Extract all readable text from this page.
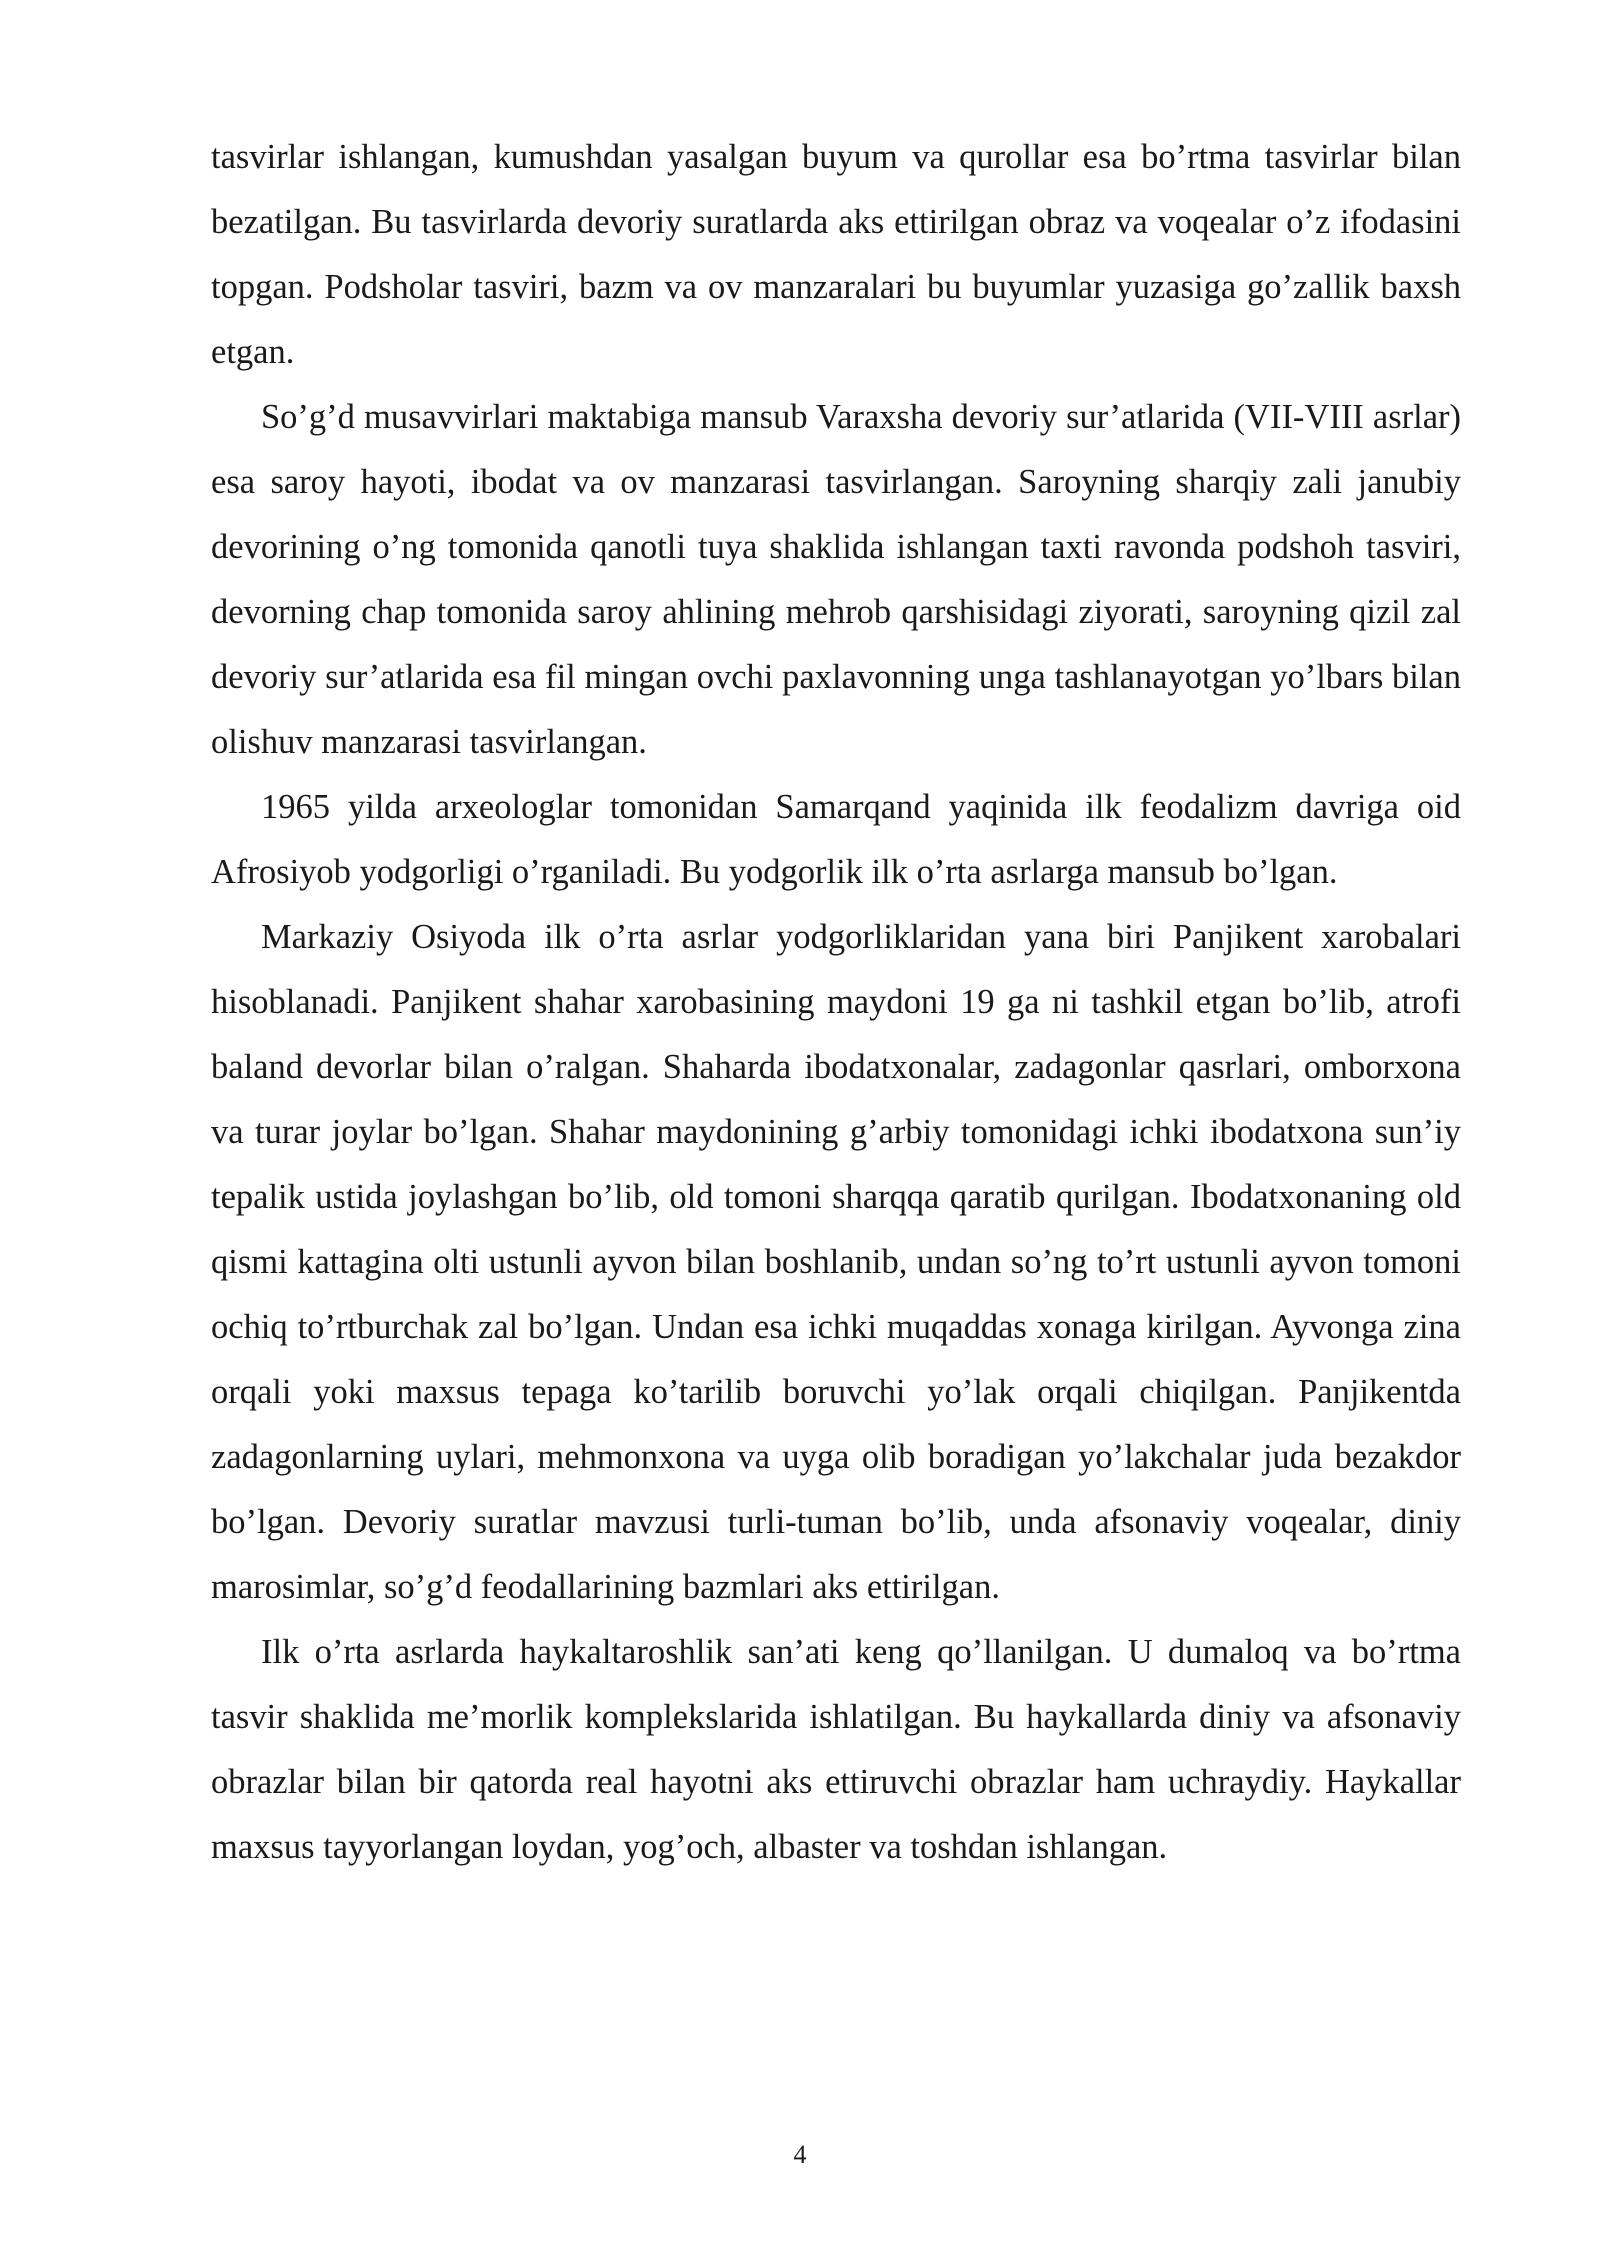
tasvirlar ishlangan, kumushdan yasalgan buyum va qurollar esa bo’rtma tasvirlar bilan bezatilgan. Bu tasvirlarda devoriy suratlarda aks ettirilgan obraz va voqealar o’z ifodasini topgan. Podsholar tasviri, bazm va ov manzaralari bu buyumlar yuzasiga go’zallik baxsh etgan.

So’g’d musavvirlari maktabiga mansub Varaxsha devoriy sur’atlarida (VII-VIII asrlar) esa saroy hayoti, ibodat va ov manzarasi tasvirlangan. Saroyning sharqiy zali janubiy devorining o’ng tomonida qanotli tuya shaklida ishlangan taxti ravonda podshoh tasviri, devorning chap tomonida saroy ahlining mehrob qarshisidagi ziyorati, saroyning qizil zal devoriy sur’atlarida esa fil mingan ovchi paxlavonning unga tashlanayotgan yo’lbars bilan olishuv manzarasi tasvirlangan.

1965 yilda arxeologlar tomonidan Samarqand yaqinida ilk feodalizm davriga oid Afrosiyob yodgorligi o’rganiladi. Bu yodgorlik ilk o’rta asrlarga mansub bo’lgan.

Markaziy Osiyoda ilk o’rta asrlar yodgorliklaridan yana biri Panjikent xarobalari hisoblanadi. Panjikent shahar xarobasining maydoni 19 ga ni tashkil etgan bo’lib, atrofi baland devorlar bilan o’ralgan. Shaharda ibodatxonalar, zadagonlar qasrlari, omborxona va turar joylar bo’lgan. Shahar maydonining g’arbiy tomonidagi ichki ibodatxona sun’iy tepalik ustida joylashgan bo’lib, old tomoni sharqqa qaratib qurilgan. Ibodatxonaning old qismi kattagina olti ustunli ayvon bilan boshlanib, undan so’ng to’rt ustunli ayvon tomoni ochiq to’rtburchak zal bo’lgan. Undan esa ichki muqaddas xonaga kirilgan. Ayvonga zina orqali yoki maxsus tepaga ko’tarilib boruvchi yo’lak orqali chiqilgan. Panjikentda zadagonlarning uylari, mehmonxona va uyga olib boradigan yo’lakchalar juda bezakdor bo’lgan. Devoriy suratlar mavzusi turli-tuman bo’lib, unda afsonaviy voqealar, diniy marosimlar, so’g’d feodallarining bazmlari aks ettirilgan.

Ilk o’rta asrlarda haykaltaroshlik san’ati keng qo’llanilgan. U dumaloq va bo’rtma tasvir shaklida me’morlik komplekslarida ishlatilgan. Bu haykallarda diniy va afsonaviy obrazlar bilan bir qatorda real hayotni aks ettiruvchi obrazlar ham uchraydiy. Haykallar maxsus tayyorlangan loydan, yog’och, albaster va toshdan ishlangan.

4
